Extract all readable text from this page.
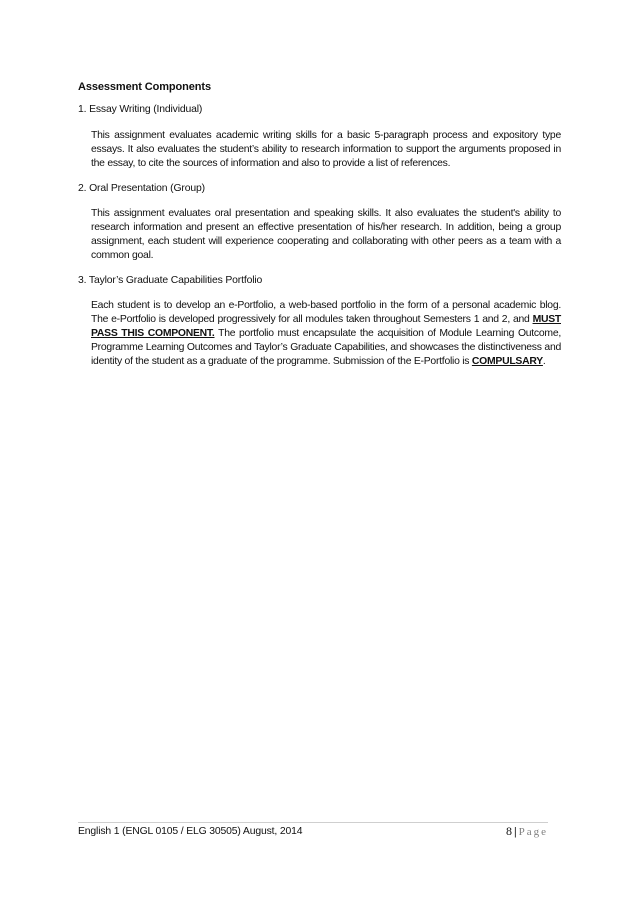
Assessment Components
1. Essay Writing (Individual)
This assignment evaluates academic writing skills for a basic 5-paragraph process and expository type essays. It also evaluates the student’s ability to research information to support the arguments proposed in the essay, to cite the sources of information and also to provide a list of references.
2. Oral Presentation (Group)
This assignment evaluates oral presentation and speaking skills. It also evaluates the student's ability to research information and present an effective presentation of his/her research. In addition, being a group assignment, each student will experience cooperating and collaborating with other peers as a team with a common goal.
3. Taylor’s Graduate Capabilities Portfolio
Each student is to develop an e-Portfolio, a web-based portfolio in the form of a personal academic blog. The e-Portfolio is developed progressively for all modules taken throughout Semesters 1 and 2, and MUST PASS THIS COMPONENT. The portfolio must encapsulate the acquisition of Module Learning Outcome, Programme Learning Outcomes and Taylor’s Graduate Capabilities, and showcases the distinctiveness and identity of the student as a graduate of the programme. Submission of the E-Portfolio is COMPULSARY.
English 1 (ENGL 0105 / ELG 30505) August, 2014	8 | Page
